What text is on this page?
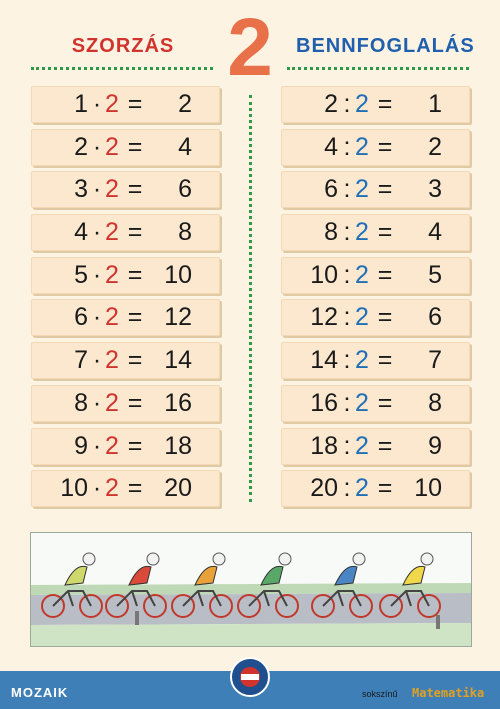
SZORZÁS 2	BENNFOGLALÁS
1 · 2 = 2
2 · 2 = 4
3 · 2 = 6
4 · 2 = 8
5 · 2 = 10
6 · 2 = 12
7 · 2 = 14
8 · 2 = 16
9 · 2 = 18
10 · 2 = 20
2 : 2 = 1
4 : 2 = 2
6 : 2 = 3
8 : 2 = 4
10 : 2 = 5
12 : 2 = 6
14 : 2 = 7
16 : 2 = 8
18 : 2 = 9
20 : 2 = 10
MOZAIK	sokszínű Matematika
